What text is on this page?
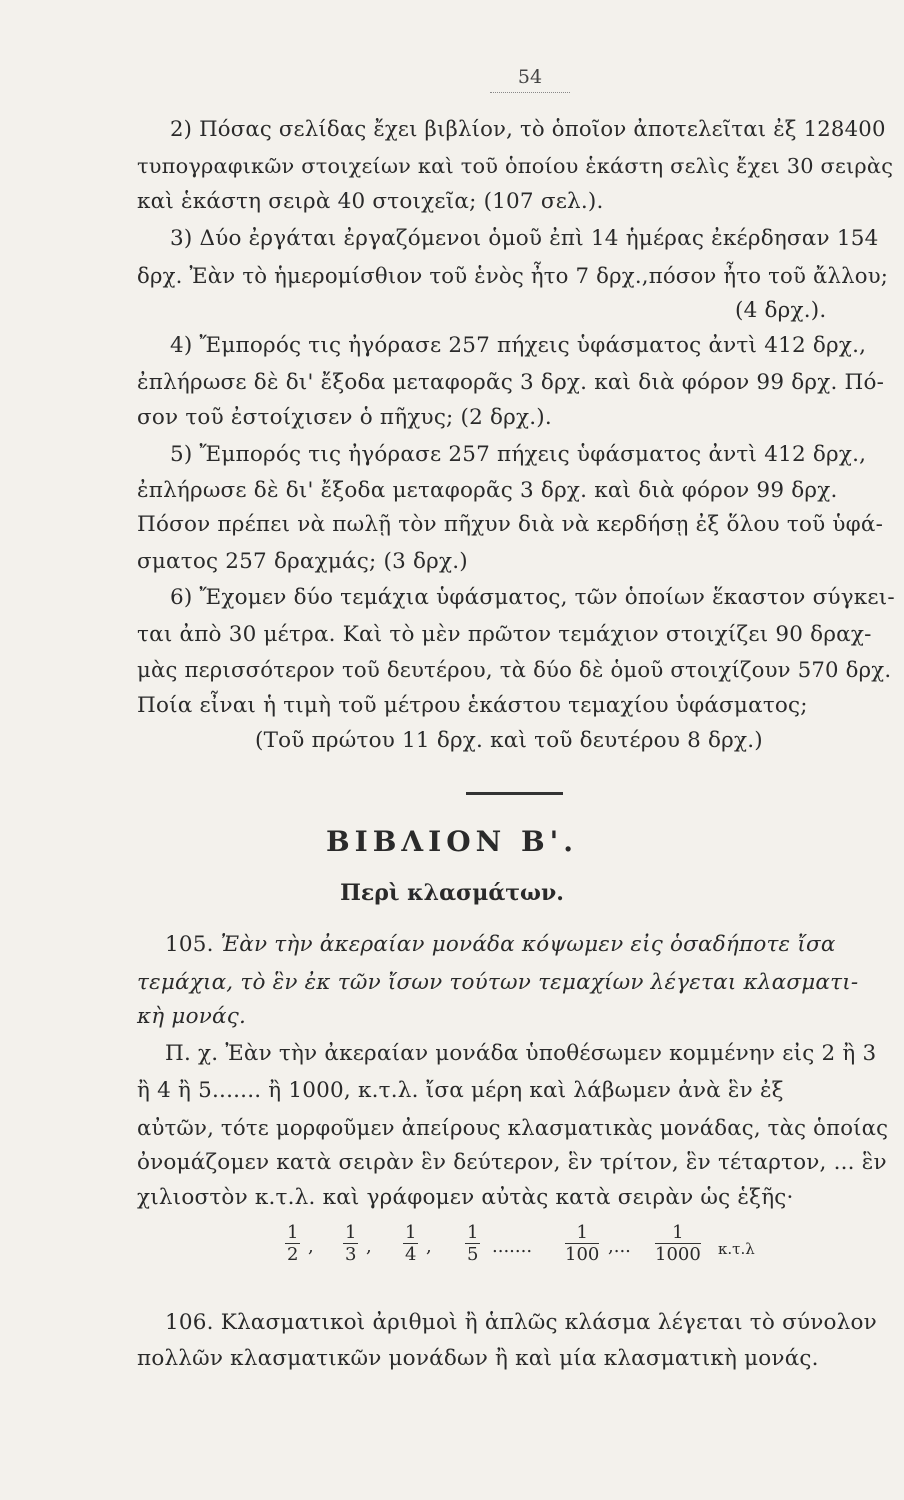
54
2) Πόσας σελίδας ἔχει βιβλίον, τὸ ὁποῖον ἀποτελεῖται ἐξ 128400
τυπογραφικῶν στοιχείων καὶ τοῦ ὁποίου ἑκάστη σελὶς ἔχει 30 σειρὰς
καὶ ἑκάστη σειρὰ 40 στοιχεῖα; (107 σελ.).
3) Δύο ἐργάται ἐργαζόμενοι ὁμοῦ ἐπὶ 14 ἡμέρας ἐκέρδησαν 154
δρχ. Ἐὰν τὸ ἡμερομίσθιον τοῦ ἑνὸς ἦτο 7 δρχ.,πόσον ἦτο τοῦ ἄλλου;
(4 δρχ.).
4) Ἔμπορός τις ἠγόρασε 257 πήχεις ὑφάσματος ἀντὶ 412 δρχ.,
ἐπλήρωσε δὲ δι' ἔξοδα μεταφορᾶς 3 δρχ. καὶ διὰ φόρον 99 δρχ. Πό-
σον τοῦ ἐστοίχισεν ὁ πῆχυς; (2 δρχ.).
5) Ἔμπορός τις ἠγόρασε 257 πήχεις ὑφάσματος ἀντὶ 412 δρχ.,
ἐπλήρωσε δὲ δι' ἔξοδα μεταφορᾶς 3 δρχ. καὶ διὰ φόρον 99 δρχ.
Πόσον πρέπει νὰ πωλῇ τὸν πῆχυν διὰ νὰ κερδήσῃ ἐξ ὅλου τοῦ ὑφά-
σματος 257 δραχμάς; (3 δρχ.)
6) Ἔχομεν δύο τεμάχια ὑφάσματος, τῶν ὁποίων ἕκαστον σύγκει-
ται ἀπὸ 30 μέτρα. Καὶ τὸ μὲν πρῶτον τεμάχιον στοιχίζει 90 δραχ-
μὰς περισσότερον τοῦ δευτέρου, τὰ δύο δὲ ὁμοῦ στοιχίζουν 570 δρχ.
Ποία εἶναι ἡ τιμὴ τοῦ μέτρου ἑκάστου τεμαχίου ὑφάσματος;
(Τοῦ πρώτου 11 δρχ. καὶ τοῦ δευτέρου 8 δρχ.)
ΒΙΒΛΙΟΝ Β'.
Περὶ κλασμάτων.
105. Ἐὰν τὴν ἀκεραίαν μονάδα κόψωμεν εἰς ὁσαδήποτε ἴσα
τεμάχια, τὸ ἓν ἐκ τῶν ἴσων τούτων τεμαχίων λέγεται κλασματι-
κὴ μονάς.
Π. χ. Ἐὰν τὴν ἀκεραίαν μονάδα ὑποθέσωμεν κομμένην εἰς 2 ἢ 3
ἢ 4 ἢ 5....... ἢ 1000, κ.τ.λ. ἴσα μέρη καὶ λάβωμεν ἀνὰ ἓν ἐξ
αὐτῶν, τότε μορφοῦμεν ἀπείρους κλασματικὰς μονάδας, τὰς ὁποίας
ὀνομάζομεν κατὰ σειρὰν ἓν δεύτερον, ἓν τρίτον, ἓν τέταρτον, ... ἓν
χιλιοστὸν κ.τ.λ. καὶ γράφομεν αὐτὰς κατὰ σειρὰν ὡς ἑξῆς·
$\frac{1}{2}$ , $\frac{1}{3}$ , $\frac{1}{4}$ , $\frac{1}{5}$ ....... $\frac{1}{100}$ ,... $\frac{1}{1000} \kappa.\tau.\lambda$
106. Κλασματικοὶ ἀριθμοὶ ἢ ἁπλῶς κλάσμα λέγεται τὸ σύνολον
πολλῶν κλασματικῶν μονάδων ἢ καὶ μία κλασματικὴ μονάς.
